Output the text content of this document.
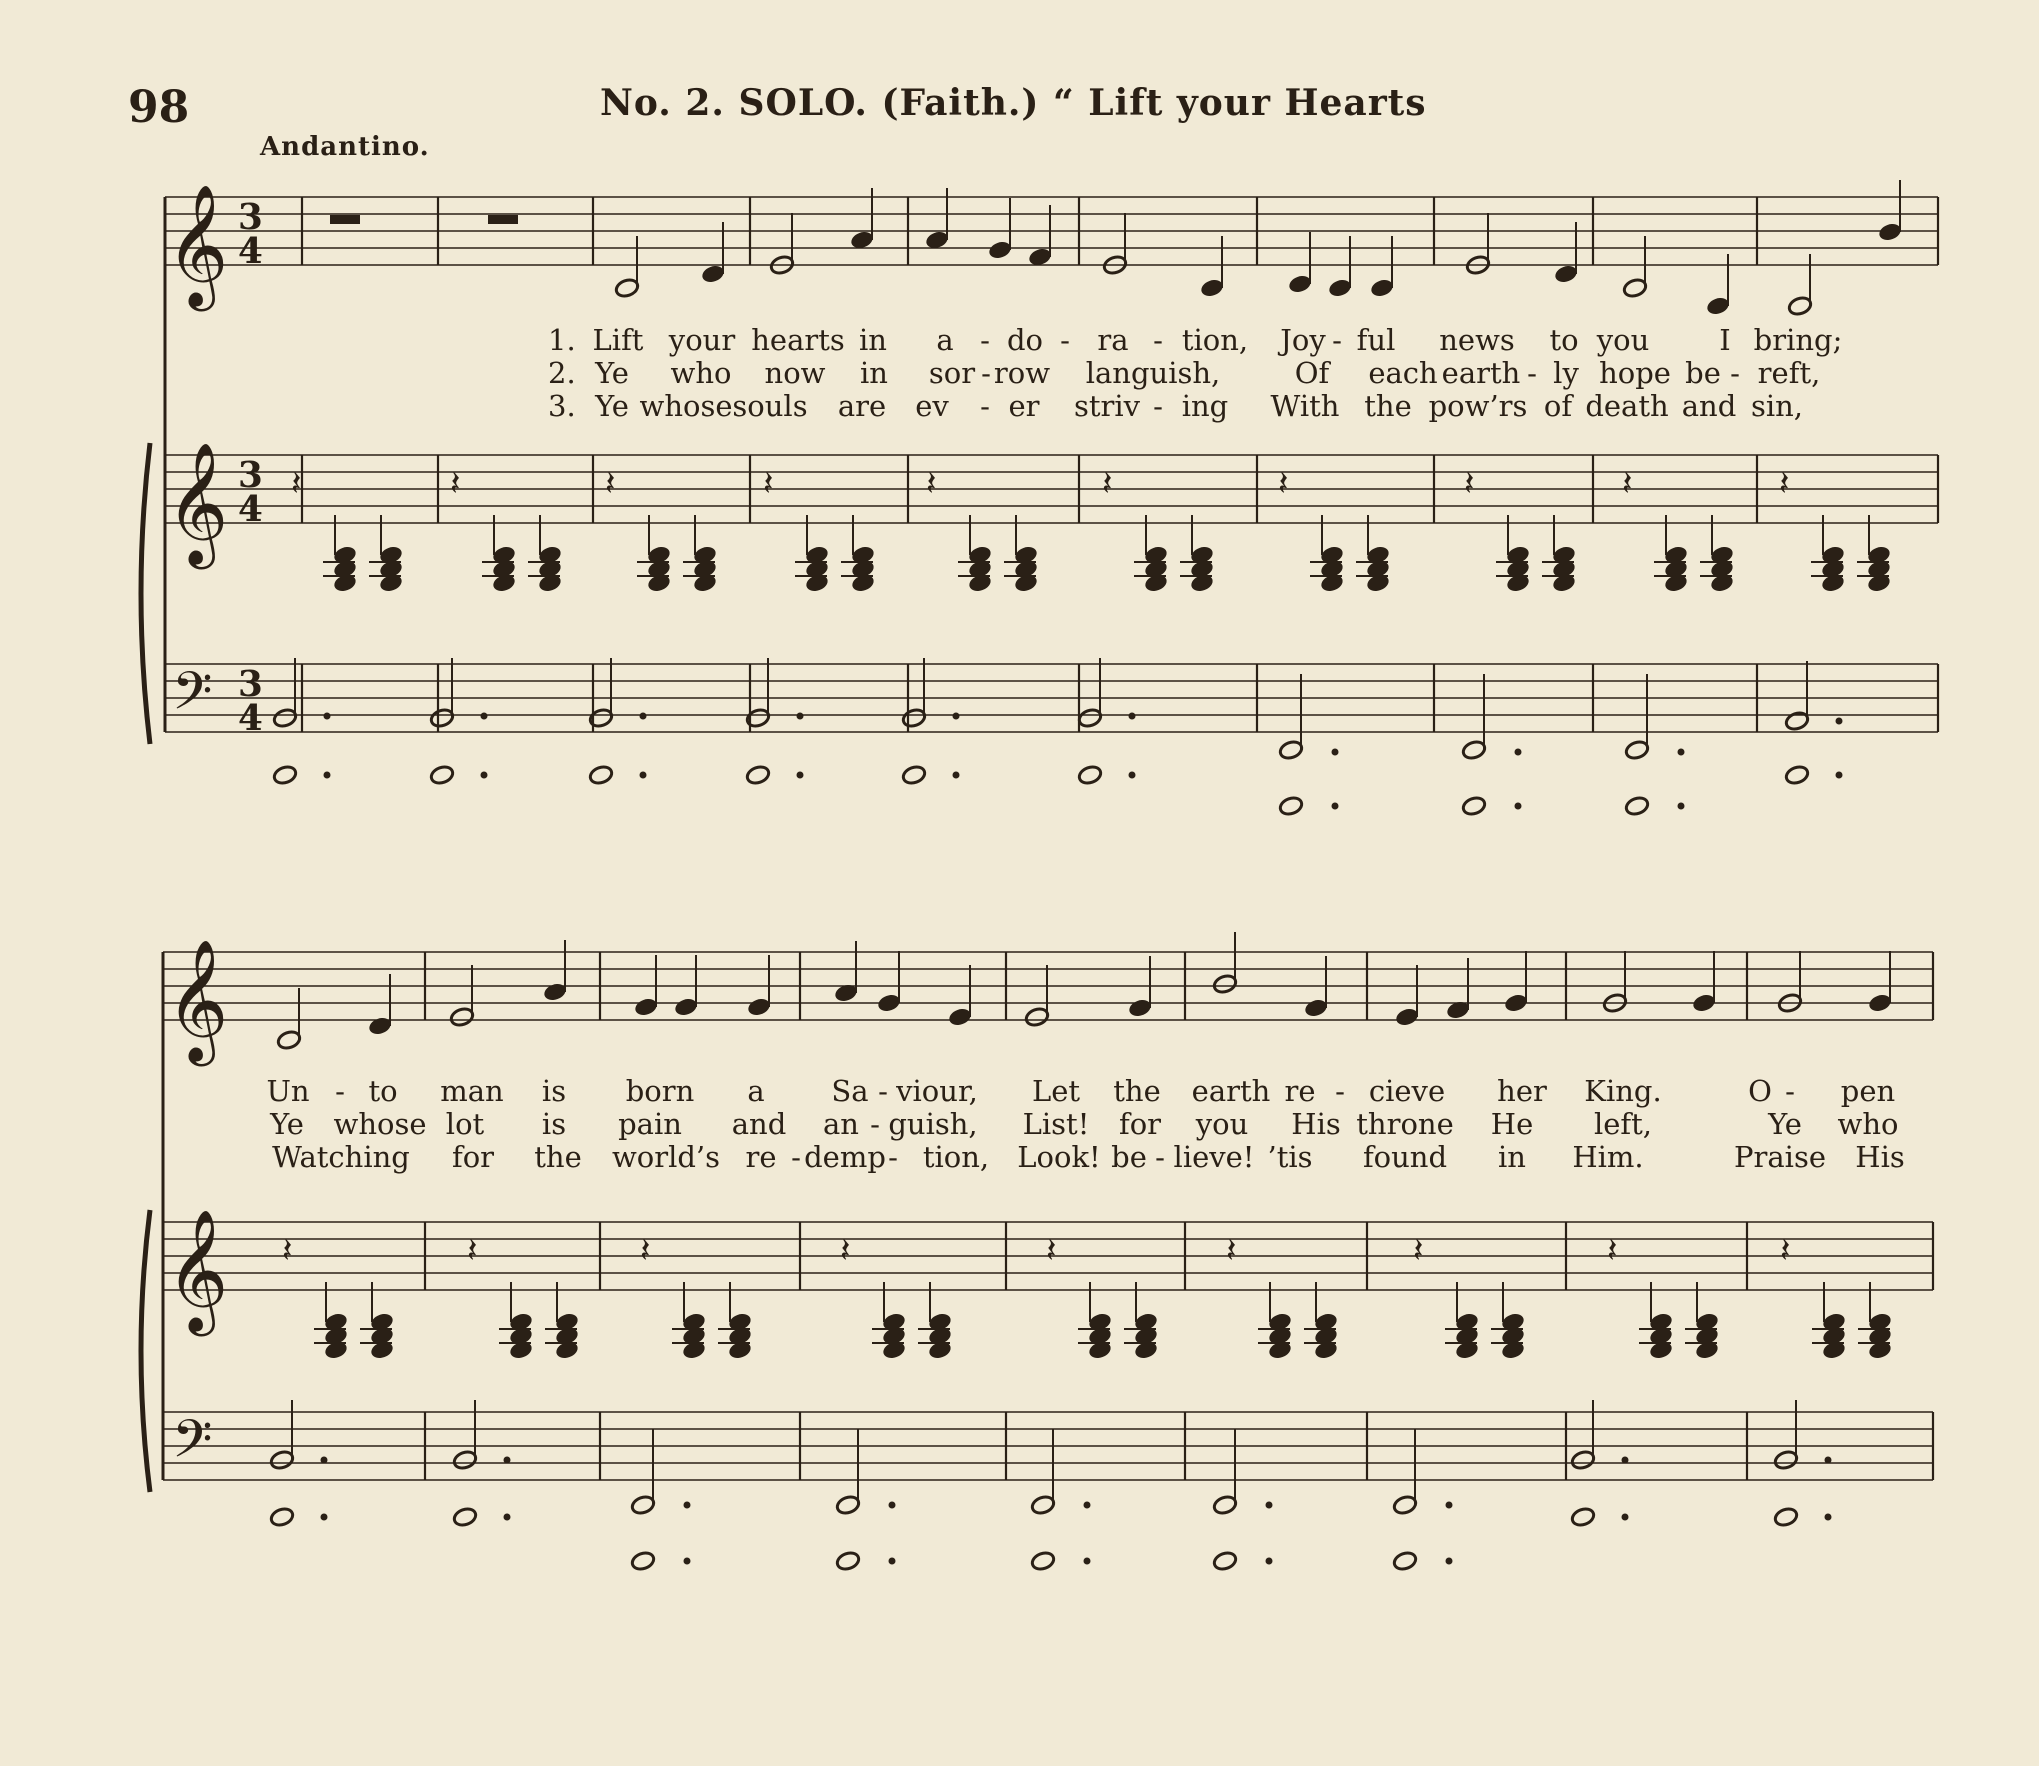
98	No. 2. SOLO. (Faith.) “ Lift your Hearts
Andantino.
𝄞 3
4
𝄞 3
4
𝄢 3
4
𝄽	𝄽	𝄽	𝄽	𝄽	𝄽	𝄽	𝄽	𝄽	𝄽
𝄞
𝄞
𝄢
𝄽	𝄽	𝄽	𝄽	𝄽	𝄽	𝄽	𝄽	𝄽
1. Lift your hearts in a - do - ra - tion, Joy - ful news to you I bring;
2. Ye who now in sor - row languish,	Of each earth - ly hope be - reft,
3. Ye whose souls are ev - er striv - ing With the pow’rs of death and sin,
Un - to man is born a Sa - viour, Let the earth re - cieve her King.	O - pen
Ye whose lot is pain and an - guish, List! for you His throne He left,	Ye who
Watching for the world’s re - demp - tion, Look! be - lieve! ’tis found in Him.	Praise His
